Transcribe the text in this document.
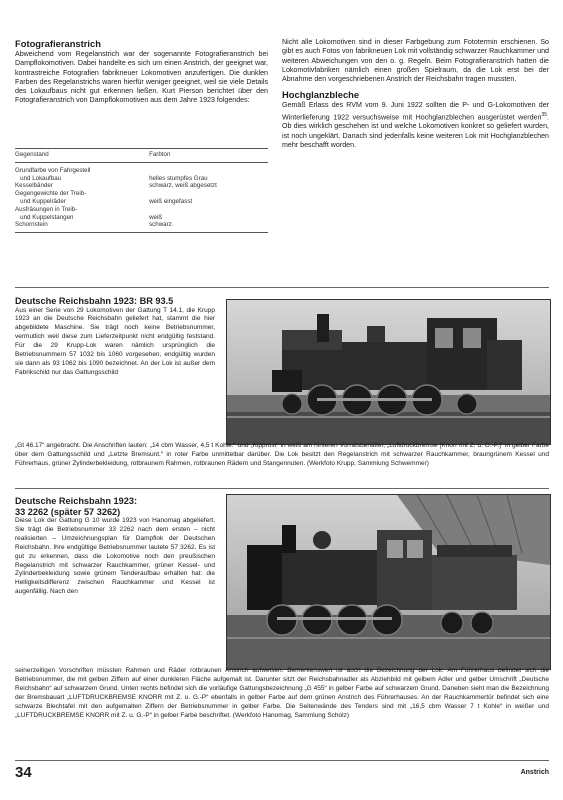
Fotografieranstrich

Abweichend vom Regelanstrich war der sogenannte Fotografieranstrich bei Dampflokomotiven. Dabei handelte es sich um einen Anstrich, der geeignet war, kontrastreiche Fotografien fabrikneuer Lokomotiven anzufertigen. Die dunklen Farben des Regelanstrichs waren hierfür weniger geeignet, weil sie viele Details des Lokaufbaus nicht gut erkennen ließen. Kurt Pierson berichtet über den Fotografieranstrich von Dampflokomotiven aus dem Jahre 1923 folgendes:

Gegenstand	Farbton
Grundfarbe von Fahrgestell	
und Lokaufbau	helles stumpfes Grau
Kesselbänder	schwarz, weiß abgesetzt
Gegengewichte der Treib-	
und Kuppelräder	weiß eingefasst
Ausfräsungen in Treib-	
und Kuppelstangen	weiß
Schornstein	schwarz.

Nicht alle Lokomotiven sind in dieser Farbgebung zum Fototermin erschienen. So gibt es auch Fotos von fabrikneuen Lok mit vollständig schwarzer Rauchkammer und weiteren Abweichungen von den o. g. Regeln. Beim Fotografieranstrich hatten die Lokomotivfabriken nämlich einen großen Spielraum, da die Lok erst bei der Abnahme den vorgeschriebenen Anstrich der Reichsbahn tragen mussten.

Hochglanzbleche

Gemäß Erlass des RVM vom 9. Juni 1922 sollten die P- und G-Lokomotiven der Winterlieferung 1922 versuchsweise mit Hochglanzblechen ausgerüstet werden$^{35}$. Ob dies wirklich geschehen ist und welche Lokomotiven konkret so geliefert wurden, ist noch ungeklärt. Danach sind jedenfalls keine weiteren Lok mit Hochglanzblechen mehr beschafft worden.

Deutsche Reichsbahn 1923: BR 93.5
Aus einer Serie von 29 Lokomotiven der Gattung T 14.1, die Krupp 1923 an die Deutsche Reichsbahn geliefert hat, stammt die hier abgebildete Maschine. Sie trägt noch keine Betriebsnummer, vermutlich weil diese zum Lieferzeitpunkt nicht endgültig feststand. Für die 29 Krupp-Lok waren nämlich ursprünglich die Betriebsnummern 57 1032 bis 1060 vorgesehen, endgültig wurden sie dann als 93 1062 bis 1090 bezeichnet. An der Lok ist außer dem Fabrikschild nur das Gattungsschild
„Gt 46.17“ angebracht. Die Anschriften lauten: „14 cbm Wasser, 4,5 t Kohle.“ und „Kipprost“ in weiß am hinteren Vorratsbehälter, „Luftdruckbremse [Knorr mit Z. u. G.-P.]“ in gelber Farbe über dem Gattungsschild und „Letzte Bremsunt.“ in roter Farbe unmittelbar darüber. Die Lok besitzt den Regelanstrich mit schwarzer Rauchkammer, braungrünem Kessel und Führerhaus, grüner Zylinderbekleidung, rotbraunem Rahmen, rotbraunen Rädern und Stangennuten. (Werkfoto Krupp, Sammlung Schwemmer)
Deutsche Reichsbahn 1923:
33 2262 (später 57 3262)
Diese Lok der Gattung G 10 wurde 1923 von Hanomag abgeliefert. Sie trägt die Betriebsnummer 33 2262 nach dem ersten – nicht realisierten – Umzeichnungsplan für Dampflok der Deutschen Reichsbahn. Ihre endgültige Betriebsnummer lautete 57 3262. Es ist gut zu erkennen, dass die Lokomotive noch den preußischen Regelanstrich mit schwarzer Rauchkammer, grüner Kessel- und Zylinderbekleidung sowie grünem Tenderaufbau erhalten hat: die Helligkeitsdifferenz zwischen Rauchkammer und Kessel ist augenfällig. Nach den
seinerzeitigen Vorschriften müssten Rahmen und Räder rotbraunen Anstrich aufweisen. Bemerkenswert ist auch die Bezeichnung der Lok: Am Führerhaus befindet sich die Betriebsnummer, die mit gelben Ziffern auf einer dunkleren Fläche aufgemalt ist. Darunter sitzt der Reichsbahnadler als Abziehbild mit gelbem Adler und gelber Umschrift „Deutsche Reichsbahn“ auf schwarzem Grund. Unten rechts befindet sich die vorläufige Gattungsbezeichnung „G 455“ in gelber Farbe auf schwarzem Grund. Daneben sieht man die Bezeichnung der Bremsbauart „LUFTDRUCKBREMSE KNORR mit Z. u. G.-P“ ebenfalls in gelber Farbe auf dem grünen Anstrich des Führerhauses. An der Rauchkammertür befindet sich eine schwarze Blechtafel mit den aufgemalten Ziffern der Betriebsnummer in gelber Farbe. Die Seitenwände des Tenders sind mit „16,5 cbm Wasser 7 t Kohle“ in weißer und „LUFTDRUCKBREMSE KNORR mit Z. u. G.-P“ in gelber Farbe beschriftet. (Werkfoto Hanomag, Sammlung Scholz)
34	Anstrich
